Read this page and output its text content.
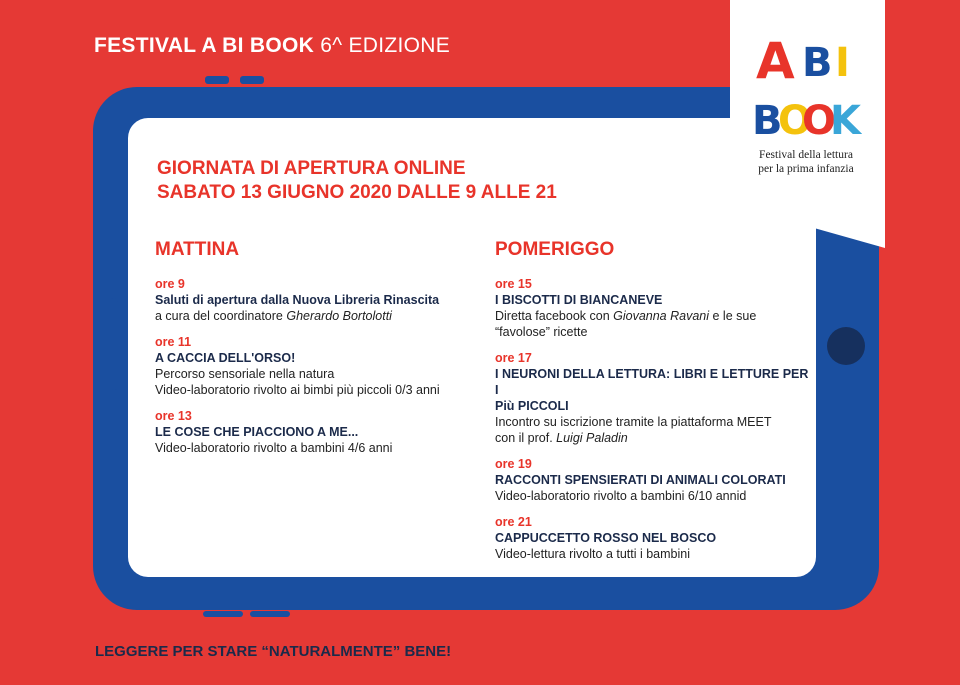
FESTIVAL A BI BOOK 6^ EDIZIONE	A B I
B
O
O
K
Festival della lettura
per la prima infanzia
GIORNATA DI APERTURA ONLINE
SABATO 13 GIUGNO 2020 DALLE 9 ALLE 21
MATTINA	POMERIGGO
ore 9
Saluti di apertura dalla Nuova Libreria Rinascita
a cura del coordinatore Gherardo Bortolotti
ore 11
A CACCIA DELL'ORSO!
Percorso sensoriale nella natura
Video-laboratorio rivolto ai bimbi più piccoli 0/3 anni
ore 13
LE COSE CHE PIACCIONO A ME...
Video-laboratorio rivolto a bambini 4/6 anni
ore 15
I BISCOTTI DI BIANCANEVE
Diretta facebook con Giovanna Ravani e le sue
“favolose” ricette
ore 17
I NEURONI DELLA LETTURA: LIBRI E LETTURE PER I
Più PICCOLI
Incontro su iscrizione tramite la piattaforma MEET
con il prof. Luigi Paladin
ore 19
RACCONTI SPENSIERATI DI ANIMALI COLORATI
Video-laboratorio rivolto a bambini 6/10 annid
ore 21
CAPPUCCETTO ROSSO NEL BOSCO
Video-lettura rivolto a tutti i bambini
LEGGERE PER STARE “NATURALMENTE” BENE!
